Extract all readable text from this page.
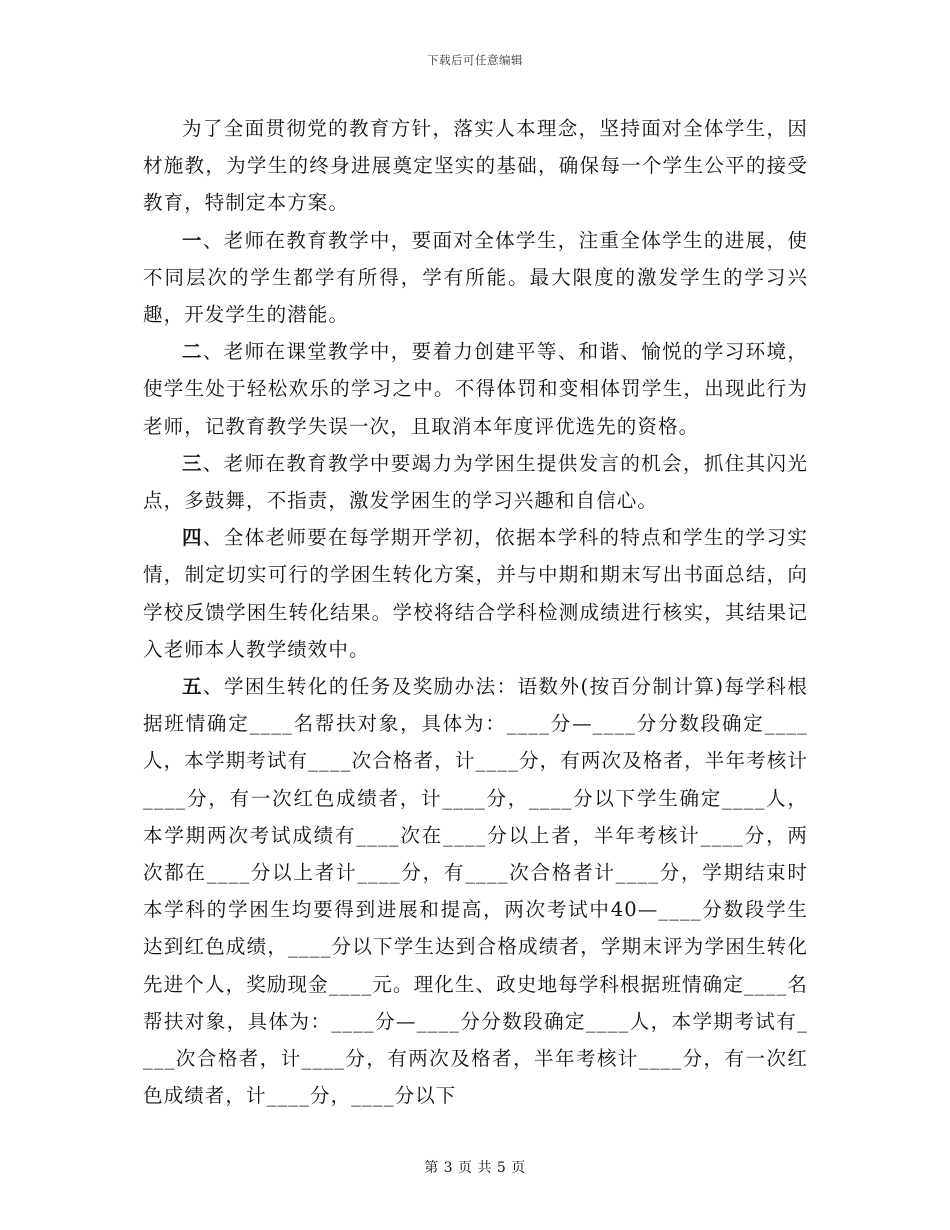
下载后可任意编辑

为了全面贯彻党的教育方针，落实人本理念，坚持面对全体学生，因材施教，为学生的终身进展奠定坚实的基础，确保每一个学生公平的接受教育，特制定本方案。

一、老师在教育教学中，要面对全体学生，注重全体学生的进展，使不同层次的学生都学有所得，学有所能。最大限度的激发学生的学习兴趣，开发学生的潜能。

二、老师在课堂教学中，要着力创建平等、和谐、愉悦的学习环境，使学生处于轻松欢乐的学习之中。不得体罚和变相体罚学生，出现此行为老师，记教育教学失误一次，且取消本年度评优选先的资格。

三、老师在教育教学中要竭力为学困生提供发言的机会，抓住其闪光点，多鼓舞，不指责，激发学困生的学习兴趣和自信心。

四、全体老师要在每学期开学初，依据本学科的特点和学生的学习实情，制定切实可行的学困生转化方案，并与中期和期末写出书面总结，向学校反馈学困生转化结果。学校将结合学科检测成绩进行核实，其结果记入老师本人教学绩效中。

五、学困生转化的任务及奖励办法：语数外(按百分制计算)每学科根据班情确定____名帮扶对象，具体为：____分—____分分数段确定____人，本学期考试有____次合格者，计____分，有两次及格者，半年考核计____分，有一次红色成绩者，计____分，____分以下学生确定____人，本学期两次考试成绩有____次在____分以上者，半年考核计____分，两次都在____分以上者计____分，有____次合格者计____分，学期结束时本学科的学困生均要得到进展和提高，两次考试中40—____分数段学生达到红色成绩，____分以下学生达到合格成绩者，学期末评为学困生转化先进个人，奖励现金____元。理化生、政史地每学科根据班情确定____名帮扶对象，具体为：____分—____分分数段确定____人，本学期考试有____次合格者，计____分，有两次及格者，半年考核计____分，有一次红色成绩者，计____分，____分以下

第 3 页 共 5 页
